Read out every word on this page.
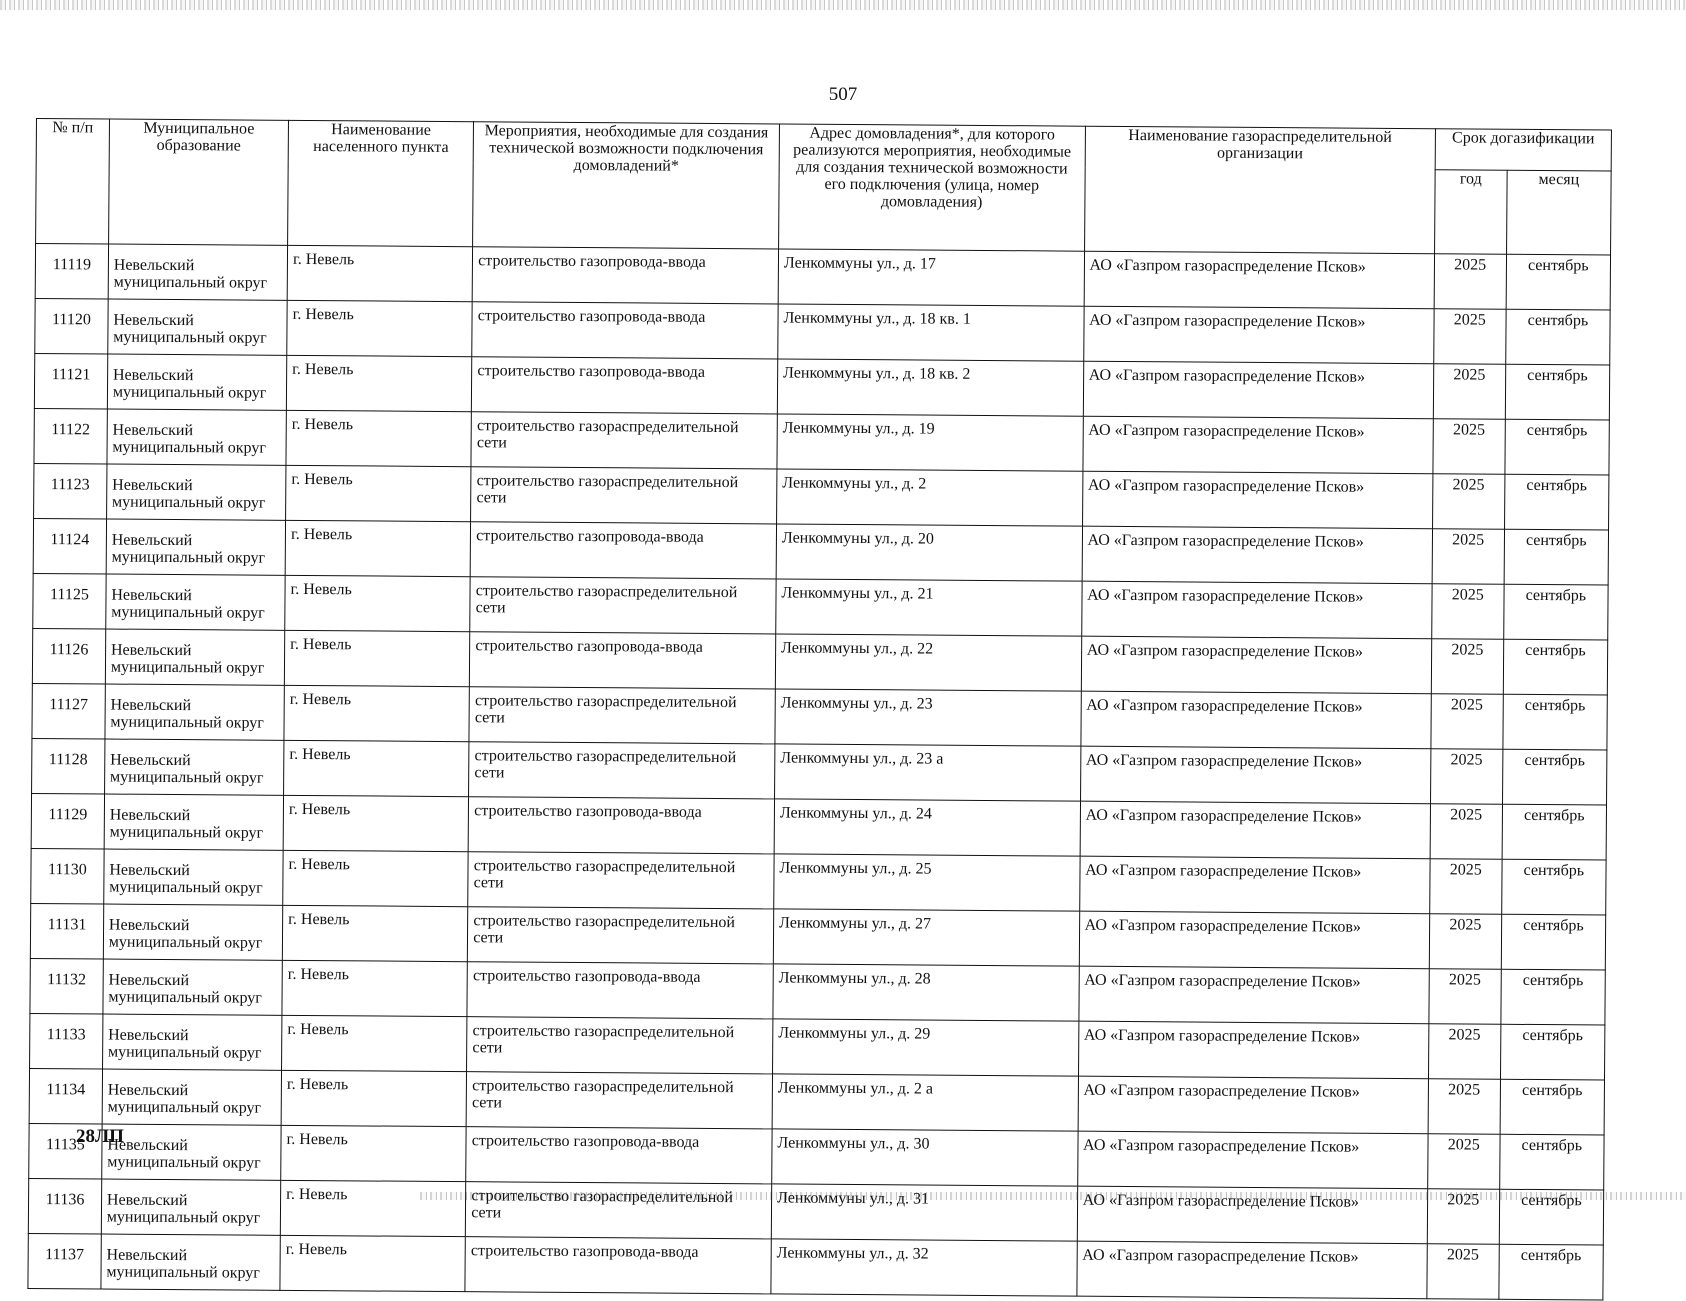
507
№ п/п	Муниципальное образование	Наименование населенного пункта	Мероприятия, необходимые для создания технической возможности подключения домовладений*	Адрес домовладения*, для которого реализуются мероприятия, необходимые для создания технической возможности его подключения (улица, номер домовладения)	Наименование газораспределительной организации	Срок догазификации	
						год	месяц
11119	Невельский муниципальный округ	г. Невель	строительство газопровода-ввода	Ленкоммуны ул., д. 17	АО «Газпром газораспределение Псков»	2025	сентябрь
11120	Невельский муниципальный округ	г. Невель	строительство газопровода-ввода	Ленкоммуны ул., д. 18 кв. 1	АО «Газпром газораспределение Псков»	2025	сентябрь
11121	Невельский муниципальный округ	г. Невель	строительство газопровода-ввода	Ленкоммуны ул., д. 18 кв. 2	АО «Газпром газораспределение Псков»	2025	сентябрь
11122	Невельский муниципальный округ	г. Невель	строительство газораспределительной сети	Ленкоммуны ул., д. 19	АО «Газпром газораспределение Псков»	2025	сентябрь
11123	Невельский муниципальный округ	г. Невель	строительство газораспределительной сети	Ленкоммуны ул., д. 2	АО «Газпром газораспределение Псков»	2025	сентябрь
11124	Невельский муниципальный округ	г. Невель	строительство газопровода-ввода	Ленкоммуны ул., д. 20	АО «Газпром газораспределение Псков»	2025	сентябрь
11125	Невельский муниципальный округ	г. Невель	строительство газораспределительной сети	Ленкоммуны ул., д. 21	АО «Газпром газораспределение Псков»	2025	сентябрь
11126	Невельский муниципальный округ	г. Невель	строительство газопровода-ввода	Ленкоммуны ул., д. 22	АО «Газпром газораспределение Псков»	2025	сентябрь
11127	Невельский муниципальный округ	г. Невель	строительство газораспределительной сети	Ленкоммуны ул., д. 23	АО «Газпром газораспределение Псков»	2025	сентябрь
11128	Невельский муниципальный округ	г. Невель	строительство газораспределительной сети	Ленкоммуны ул., д. 23 а	АО «Газпром газораспределение Псков»	2025	сентябрь
11129	Невельский муниципальный округ	г. Невель	строительство газопровода-ввода	Ленкоммуны ул., д. 24	АО «Газпром газораспределение Псков»	2025	сентябрь
11130	Невельский муниципальный округ	г. Невель	строительство газораспределительной сети	Ленкоммуны ул., д. 25	АО «Газпром газораспределение Псков»	2025	сентябрь
11131	Невельский муниципальный округ	г. Невель	строительство газораспределительной сети	Ленкоммуны ул., д. 27	АО «Газпром газораспределение Псков»	2025	сентябрь
11132	Невельский муниципальный округ	г. Невель	строительство газопровода-ввода	Ленкоммуны ул., д. 28	АО «Газпром газораспределение Псков»	2025	сентябрь
11133	Невельский муниципальный округ	г. Невель	строительство газораспределительной сети	Ленкоммуны ул., д. 29	АО «Газпром газораспределение Псков»	2025	сентябрь
11134	Невельский муниципальный округ	г. Невель	строительство газораспределительной сети	Ленкоммуны ул., д. 2 а	АО «Газпром газораспределение Псков»	2025	сентябрь
11135	Невельский муниципальный округ	г. Невель	строительство газопровода-ввода	Ленкоммуны ул., д. 30	АО «Газпром газораспределение Псков»	2025	сентябрь
11136	Невельский муниципальный округ	г. Невель	строительство газораспределительной сети	Ленкоммуны ул., д. 31	АО «Газпром газораспределение Псков»	2025	сентябрь
11137	Невельский муниципальный округ	г. Невель	строительство газопровода-ввода	Ленкоммуны ул., д. 32	АО «Газпром газораспределение Псков»	2025	сентябрь
28ЛП
